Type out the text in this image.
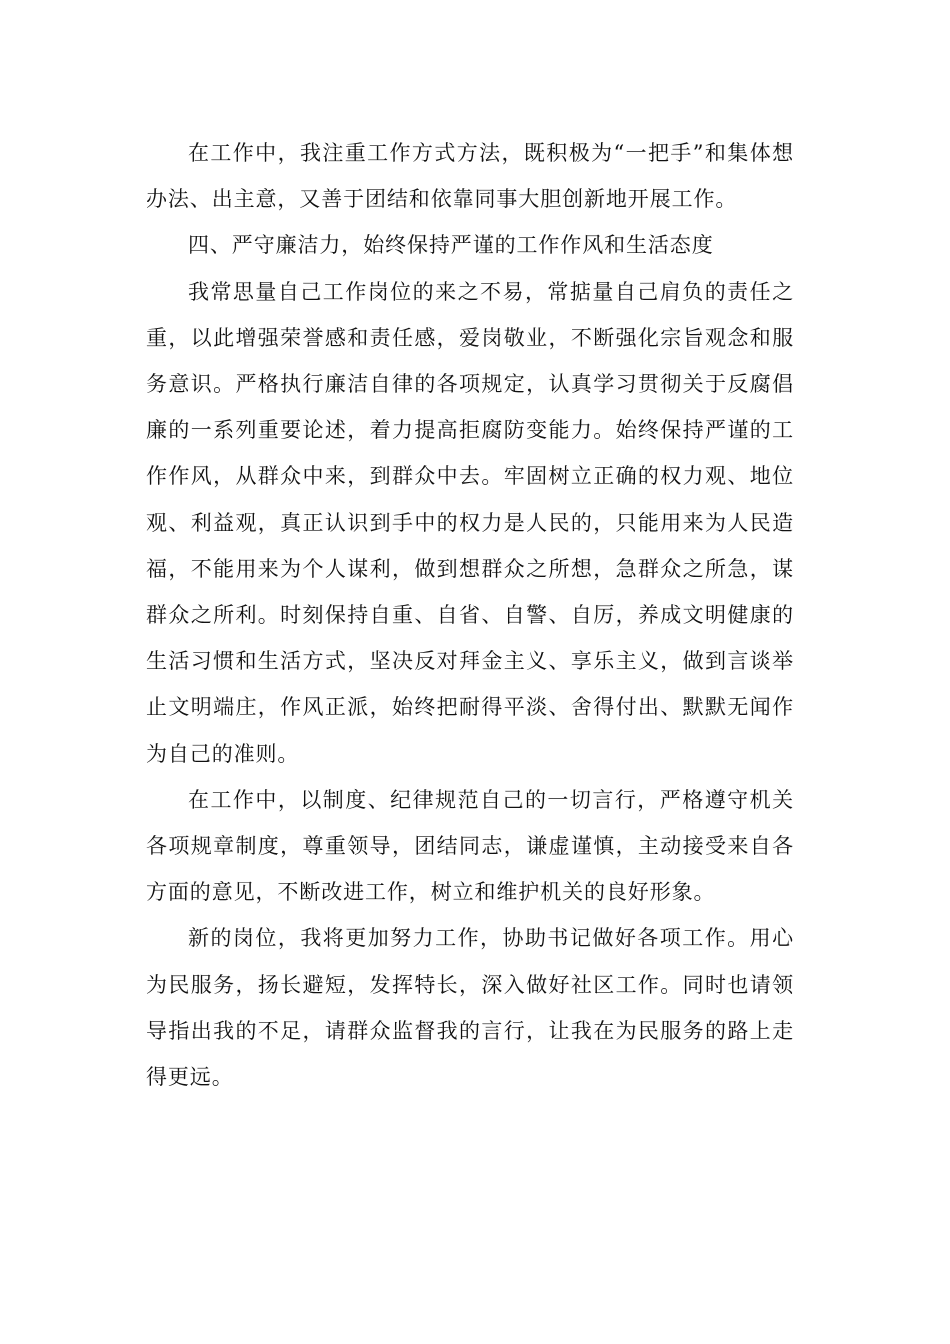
在工作中，我注重工作方式方法，既积极为“一把手”和集体想办法、出主意，又善于团结和依靠同事大胆创新地开展工作。

四、严守廉洁力，始终保持严谨的工作作风和生活态度

我常思量自己工作岗位的来之不易，常掂量自己肩负的责任之重，以此增强荣誉感和责任感，爱岗敬业，不断强化宗旨观念和服务意识。严格执行廉洁自律的各项规定，认真学习贯彻关于反腐倡廉的一系列重要论述，着力提高拒腐防变能力。始终保持严谨的工作作风，从群众中来，到群众中去。牢固树立正确的权力观、地位观、利益观，真正认识到手中的权力是人民的，只能用来为人民造福，不能用来为个人谋利，做到想群众之所想，急群众之所急，谋群众之所利。时刻保持自重、自省、自警、自厉，养成文明健康的生活习惯和生活方式，坚决反对拜金主义、享乐主义，做到言谈举止文明端庄，作风正派，始终把耐得平淡、舍得付出、默默无闻作为自己的准则。

在工作中，以制度、纪律规范自己的一切言行，严格遵守机关各项规章制度，尊重领导，团结同志，谦虚谨慎，主动接受来自各方面的意见，不断改进工作，树立和维护机关的良好形象。

新的岗位，我将更加努力工作，协助书记做好各项工作。用心为民服务，扬长避短，发挥特长，深入做好社区工作。同时也请领导指出我的不足，请群众监督我的言行，让我在为民服务的路上走得更远。
